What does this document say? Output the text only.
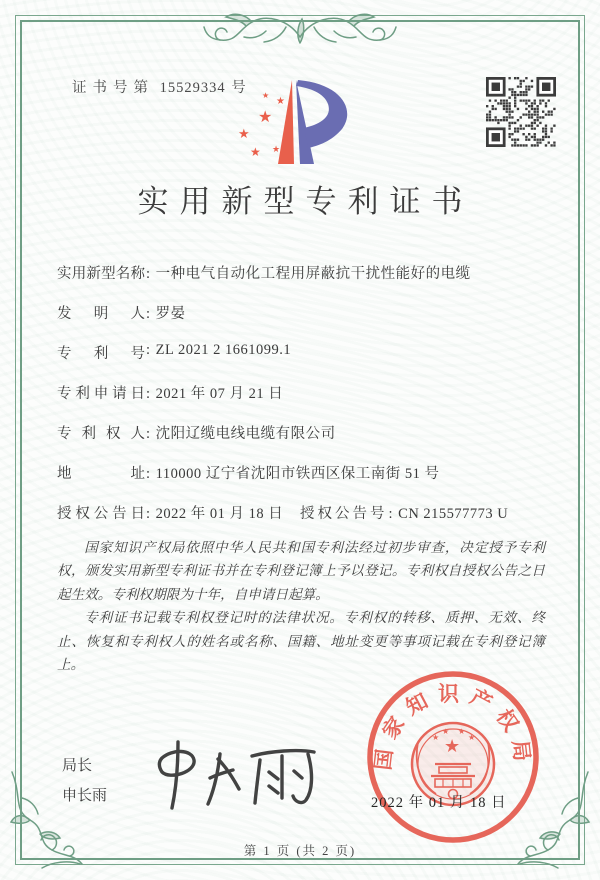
证书号第 15529334 号
★
★
★
★
★ ★
实用新型专利证书
实用新型名称: 一种电气自动化工程用屏蔽抗干扰性能好的电缆
发明人: 罗晏
专利号: ZL 2021 2 1661099.1
专利申请日: 2021 年 07 月 21 日
专利权人: 沈阳辽缆电线电缆有限公司
地址: 110000 辽宁省沈阳市铁西区保工南街 51 号
授权公告日: 2022 年 01 月 18 日 授权公告号: CN 215577773 U

国家知识产权局依照中华人民共和国专利法经过初步审查，决定授予专利权，颁发实用新型专利证书并在专利登记簿上予以登记。专利权自授权公告之日起生效。专利权期限为十年，自申请日起算。

专利证书记载专利权登记时的法律状况。专利权的转移、质押、无效、终止、恢复和专利权人的姓名或名称、国籍、地址变更等事项记载在专利登记簿上。

局长
申长雨
国家知识产权局
★
★
★ ★
★
2022 年 01 月 18 日
第 1 页 (共 2 页)
